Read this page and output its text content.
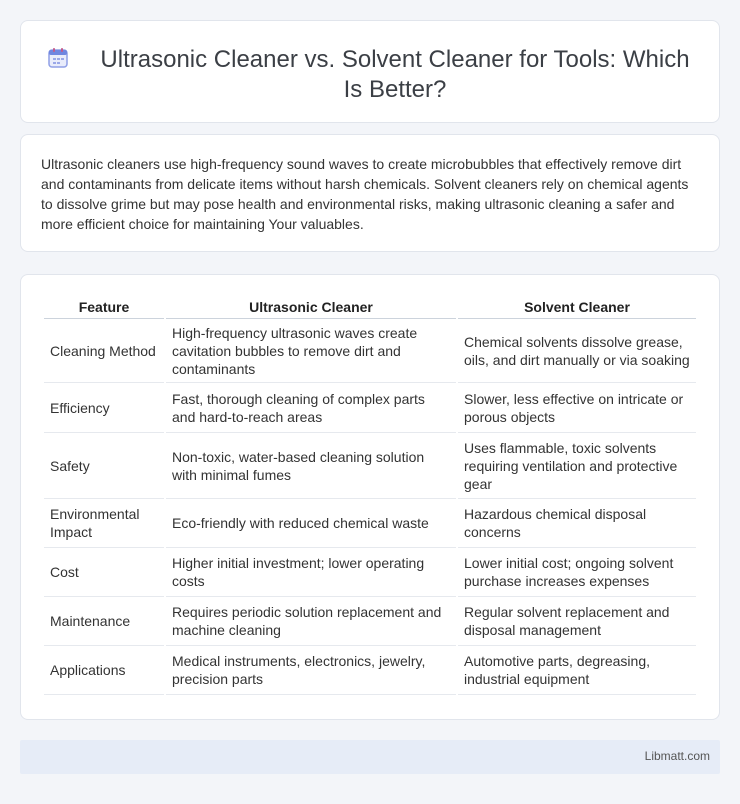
Ultrasonic Cleaner vs. Solvent Cleaner for Tools: Which Is Better?

Ultrasonic cleaners use high-frequency sound waves to create microbubbles that effectively remove dirt and contaminants from delicate items without harsh chemicals. Solvent cleaners rely on chemical agents to dissolve grime but may pose health and environmental risks, making ultrasonic cleaning a safer and more efficient choice for maintaining Your valuables.

Feature	Ultrasonic Cleaner	Solvent Cleaner
Cleaning Method	High-frequency ultrasonic waves create cavitation bubbles to remove dirt and contaminants	Chemical solvents dissolve grease, oils, and dirt manually or via soaking
Efficiency	Fast, thorough cleaning of complex parts and hard-to-reach areas	Slower, less effective on intricate or porous objects
Safety	Non-toxic, water-based cleaning solution with minimal fumes	Uses flammable, toxic solvents requiring ventilation and protective gear
Environmental Impact	Eco-friendly with reduced chemical waste	Hazardous chemical disposal concerns
Cost	Higher initial investment; lower operating costs	Lower initial cost; ongoing solvent purchase increases expenses
Maintenance	Requires periodic solution replacement and machine cleaning	Regular solvent replacement and disposal management
Applications	Medical instruments, electronics, jewelry, precision parts	Automotive parts, degreasing, industrial equipment
Libmatt.com
